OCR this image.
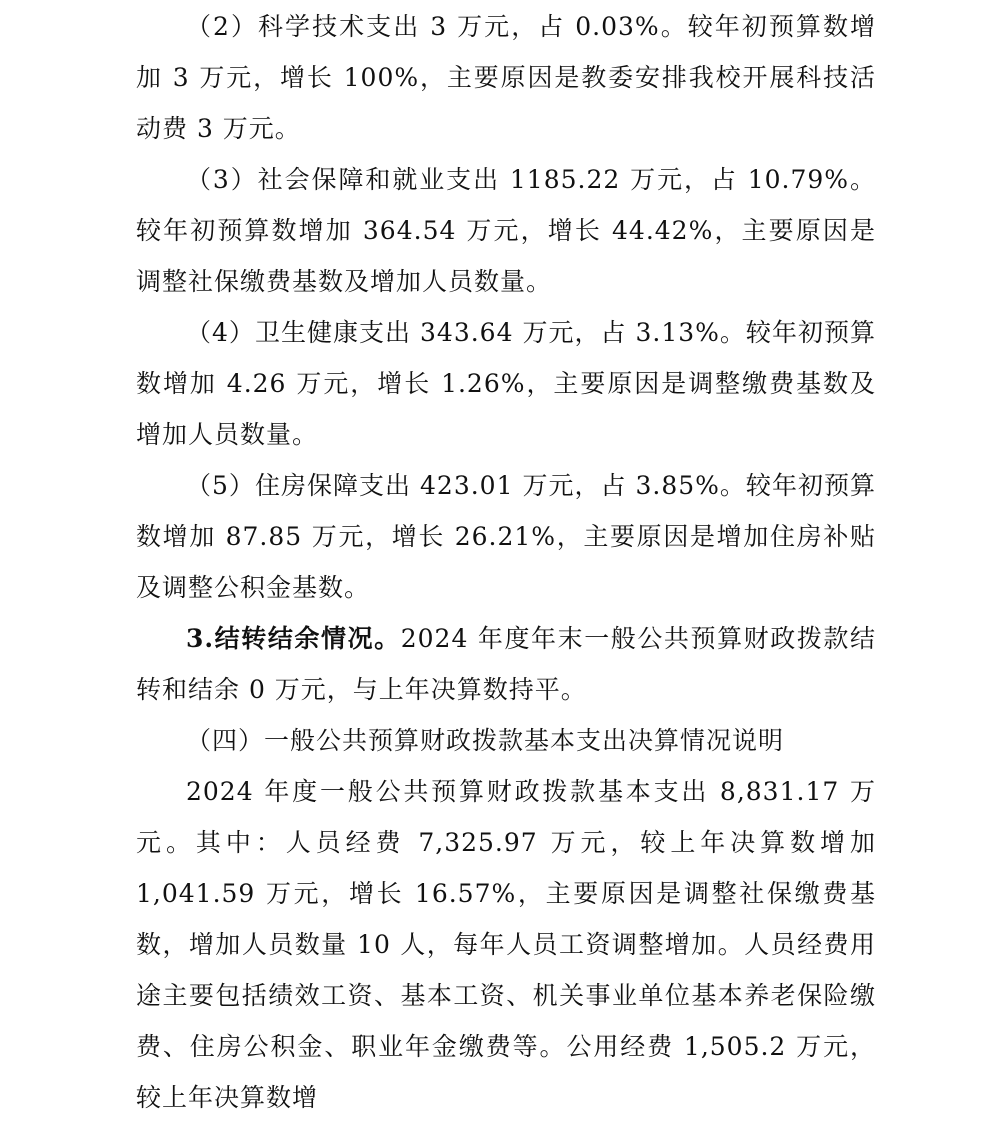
（2）科学技术支出 3 万元，占 0.03%。较年初预算数增加 3 万元，增长 100%，主要原因是教委安排我校开展科技活动费 3 万元。

（3）社会保障和就业支出 1185.22 万元，占 10.79%。较年初预算数增加 364.54 万元，增长 44.42%，主要原因是调整社保缴费基数及增加人员数量。

（4）卫生健康支出 343.64 万元，占 3.13%。较年初预算数增加 4.26 万元，增长 1.26%，主要原因是调整缴费基数及增加人员数量。

（5）住房保障支出 423.01 万元，占 3.85%。较年初预算数增加 87.85 万元，增长 26.21%，主要原因是增加住房补贴及调整公积金基数。

3.结转结余情况。2024 年度年末一般公共预算财政拨款结转和结余 0 万元，与上年决算数持平。

（四）一般公共预算财政拨款基本支出决算情况说明

2024 年度一般公共预算财政拨款基本支出 8,831.17 万元。其中：人员经费 7,325.97 万元，较上年决算数增加 1,041.59 万元，增长 16.57%，主要原因是调整社保缴费基数，增加人员数量 10 人，每年人员工资调整增加。人员经费用途主要包括绩效工资、基本工资、机关事业单位基本养老保险缴费、住房公积金、职业年金缴费等。公用经费 1,505.2 万元，较上年决算数增
